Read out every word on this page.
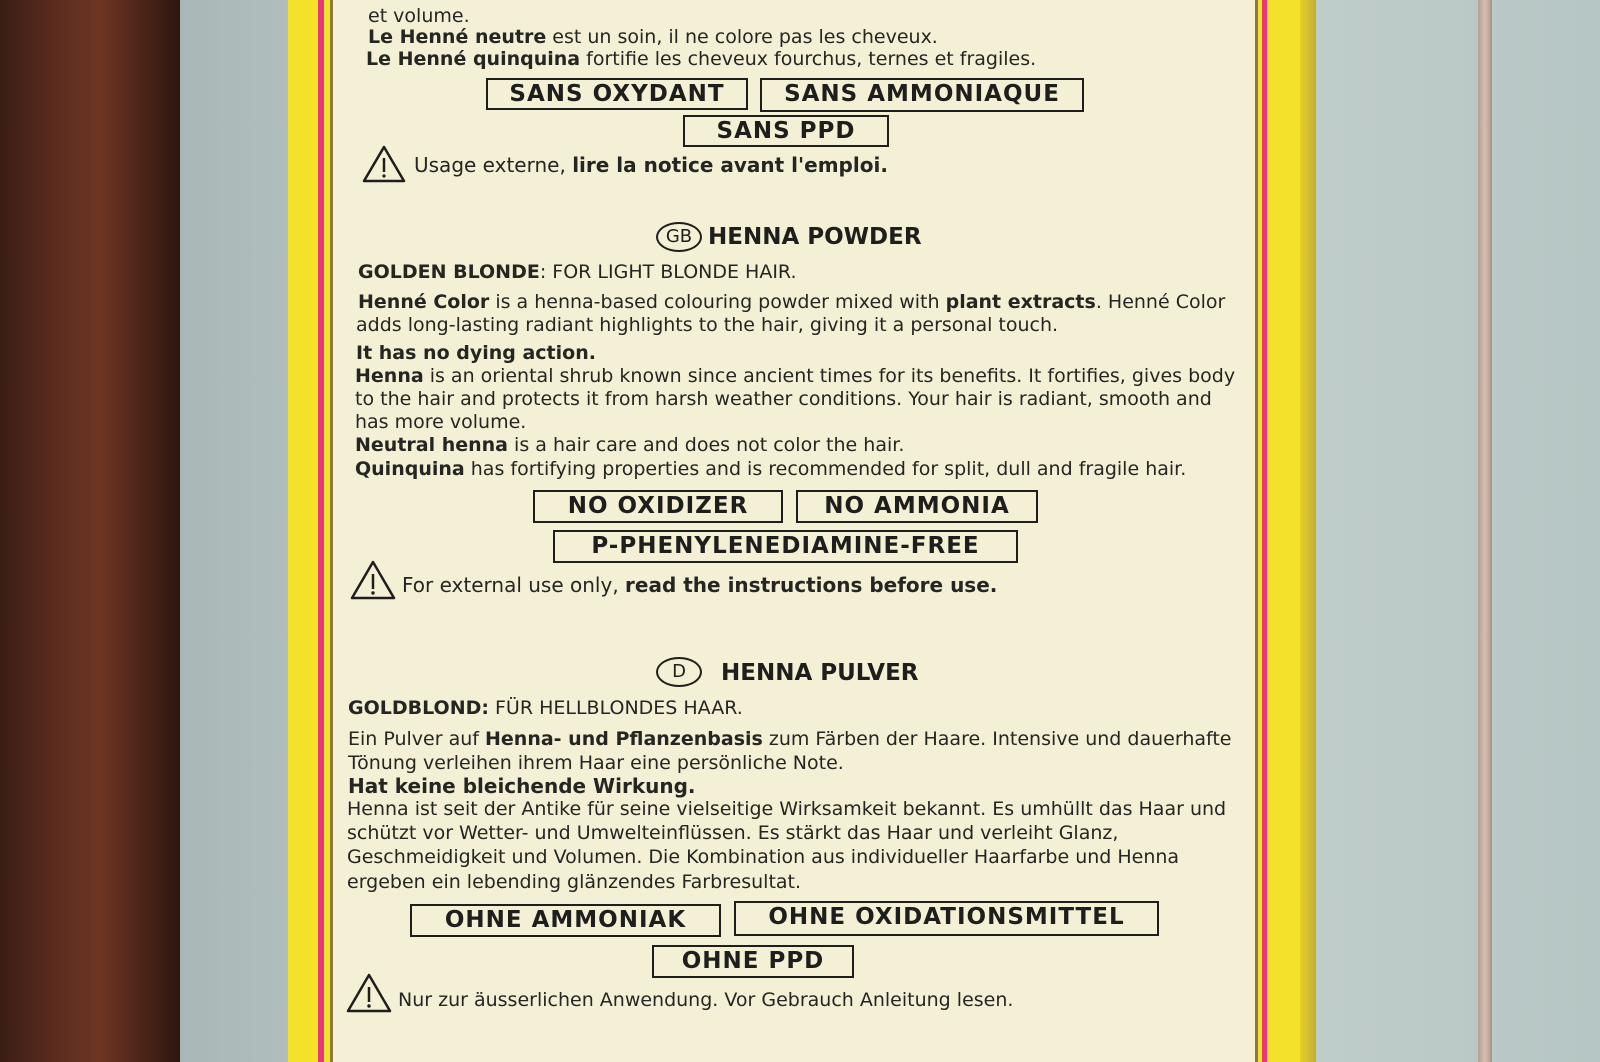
et volume.
Le Henné neutre est un soin, il ne colore pas les cheveux.
Le Henné quinquina fortifie les cheveux fourchus, ternes et fragiles.
SANS OXYDANT	SANS AMMONIAQUE
SANS PPD
Usage externe, lire la notice avant l'emploi.
GB HENNA POWDER
GOLDEN BLONDE: FOR LIGHT BLONDE HAIR.
Henné Color is a henna-based colouring powder mixed with plant extracts. Henné Color
adds long-lasting radiant highlights to the hair, giving it a personal touch.
It has no dying action.
Henna is an oriental shrub known since ancient times for its benefits. It fortifies, gives body
to the hair and protects it from harsh weather conditions. Your hair is radiant, smooth and
has more volume.
Neutral henna is a hair care and does not color the hair.
Quinquina has fortifying properties and is recommended for split, dull and fragile hair.
NO OXIDIZER	NO AMMONIA
P-PHENYLENEDIAMINE-FREE
For external use only, read the instructions before use.
D	HENNA PULVER
GOLDBLOND: FÜR HELLBLONDES HAAR.
Ein Pulver auf Henna- und Pflanzenbasis zum Färben der Haare. Intensive und dauerhafte
Tönung verleihen ihrem Haar eine persönliche Note.
Hat keine bleichende Wirkung.
Henna ist seit der Antike für seine vielseitige Wirksamkeit bekannt. Es umhüllt das Haar und
schützt vor Wetter- und Umwelteinflüssen. Es stärkt das Haar und verleiht Glanz,
Geschmeidigkeit und Volumen. Die Kombination aus individueller Haarfarbe und Henna
ergeben ein lebending glänzendes Farbresultat.
OHNE AMMONIAK	OHNE OXIDATIONSMITTEL
OHNE PPD
Nur zur äusserlichen Anwendung. Vor Gebrauch Anleitung lesen.
